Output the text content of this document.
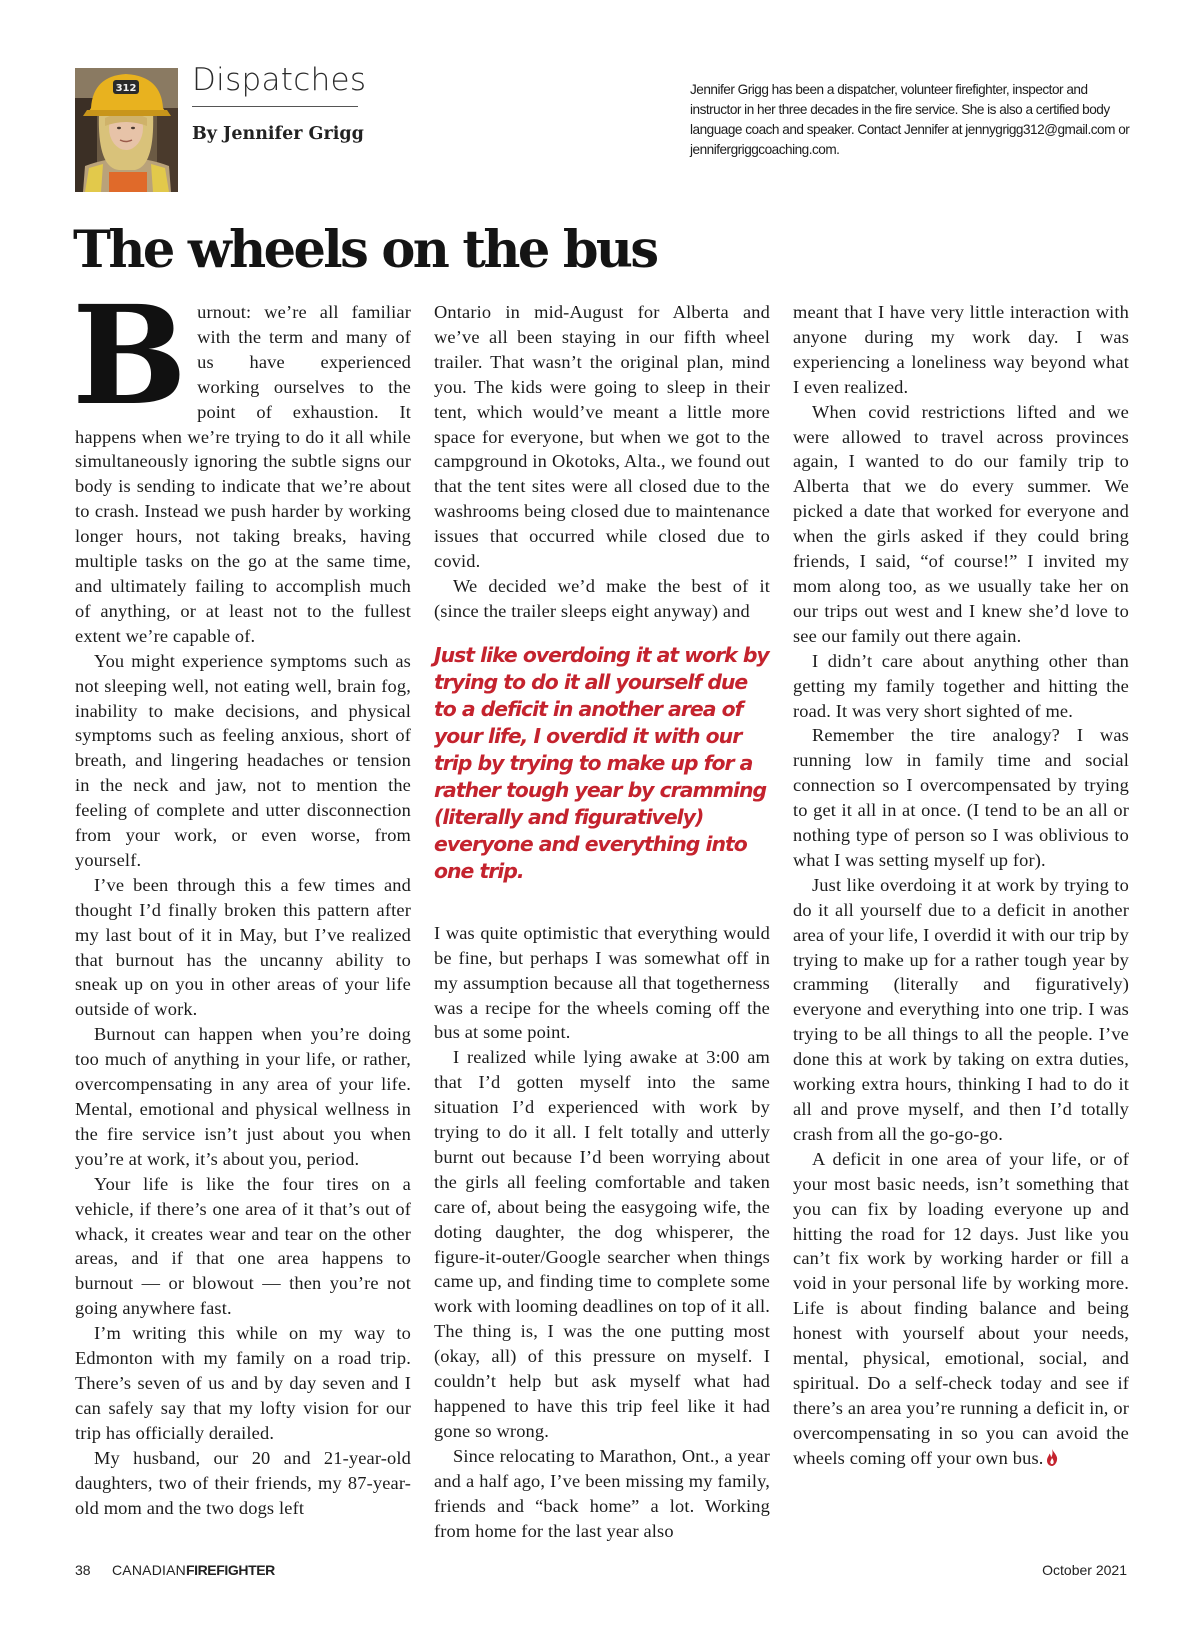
312 Dispatches
By Jennifer Grigg
Jennifer Grigg has been a dispatcher, volunteer firefighter, inspector and instructor in her three decades in the fire service. She is also a certified body language coach and speaker. Contact Jennifer at jennygrigg312@gmail.com or jennifergriggcoaching.com.
The wheels on the bus

Burnout: we’re all familiar with the term and many of us have experienced working ourselves to the point of exhaustion. It happens when we’re trying to do it all while simultaneously ignoring the subtle signs our body is sending to indicate that we’re about to crash. Instead we push harder by working longer hours, not taking breaks, having multiple tasks on the go at the same time, and ultimately failing to accomplish much of anything, or at least not to the fullest extent we’re capable of.

You might experience symptoms such as not sleeping well, not eating well, brain fog, inability to make decisions, and physical symptoms such as feeling anxious, short of breath, and lingering headaches or tension in the neck and jaw, not to mention the feeling of complete and utter disconnection from your work, or even worse, from yourself.

I’ve been through this a few times and thought I’d finally broken this pattern after my last bout of it in May, but I’ve realized that burnout has the uncanny ability to sneak up on you in other areas of your life outside of work.

Burnout can happen when you’re doing too much of anything in your life, or rather, overcompensating in any area of your life. Mental, emotional and physical wellness in the fire service isn’t just about you when you’re at work, it’s about you, period.

Your life is like the four tires on a vehicle, if there’s one area of it that’s out of whack, it creates wear and tear on the other areas, and if that one area happens to burnout — or blowout — then you’re not going anywhere fast.

I’m writing this while on my way to Edmonton with my family on a road trip. There’s seven of us and by day seven and I can safely say that my lofty vision for our trip has officially derailed.

My husband, our 20 and 21-year-old daughters, two of their friends, my 87-year-old mom and the two dogs left

Ontario in mid-August for Alberta and we’ve all been staying in our fifth wheel trailer. That wasn’t the original plan, mind you. The kids were going to sleep in their tent, which would’ve meant a little more space for everyone, but when we got to the campground in Okotoks, Alta., we found out that the tent sites were all closed due to the washrooms being closed due to maintenance issues that occurred while closed due to covid.

We decided we’d make the best of it (since the trailer sleeps eight anyway) and

Just like overdoing it at work by trying to do it all yourself due to a deficit in another area of your life, I overdid it with our trip by trying to make up for a rather tough year by cramming (literally and figuratively) everyone and everything into one trip.

I was quite optimistic that everything would be fine, but perhaps I was somewhat off in my assumption because all that togetherness was a recipe for the wheels coming off the bus at some point.

I realized while lying awake at 3:00 am that I’d gotten myself into the same situation I’d experienced with work by trying to do it all. I felt totally and utterly burnt out because I’d been worrying about the girls all feeling comfortable and taken care of, about being the easygoing wife, the doting daughter, the dog whisperer, the figure-it-outer/Google searcher when things came up, and finding time to complete some work with looming deadlines on top of it all. The thing is, I was the one putting most (okay, all) of this pressure on myself. I couldn’t help but ask myself what had happened to have this trip feel like it had gone so wrong.

Since relocating to Marathon, Ont., a year and a half ago, I’ve been missing my family, friends and “back home” a lot. Working from home for the last year also

meant that I have very little interaction with anyone during my work day. I was experiencing a loneliness way beyond what I even realized.

When covid restrictions lifted and we were allowed to travel across provinces again, I wanted to do our family trip to Alberta that we do every summer. We picked a date that worked for everyone and when the girls asked if they could bring friends, I said, “of course!” I invited my mom along too, as we usually take her on our trips out west and I knew she’d love to see our family out there again.

I didn’t care about anything other than getting my family together and hitting the road. It was very short sighted of me.

Remember the tire analogy? I was running low in family time and social connection so I overcompensated by trying to get it all in at once. (I tend to be an all or nothing type of person so I was oblivious to what I was setting myself up for).

Just like overdoing it at work by trying to do it all yourself due to a deficit in another area of your life, I overdid it with our trip by trying to make up for a rather tough year by cramming (literally and figuratively) everyone and everything into one trip. I was trying to be all things to all the people. I’ve done this at work by taking on extra duties, working extra hours, thinking I had to do it all and prove myself, and then I’d totally crash from all the go-go-go.

A deficit in one area of your life, or of your most basic needs, isn’t something that you can fix by loading everyone up and hitting the road for 12 days. Just like you can’t fix work by working harder or fill a void in your personal life by working more. Life is about finding balance and being honest with yourself about your needs, mental, physical, emotional, social, and spiritual. Do a self-check today and see if there’s an area you’re running a deficit in, or overcompensating in so you can avoid the wheels coming off your own bus.

38 CANADIANFIREFIGHTER	October 2021
